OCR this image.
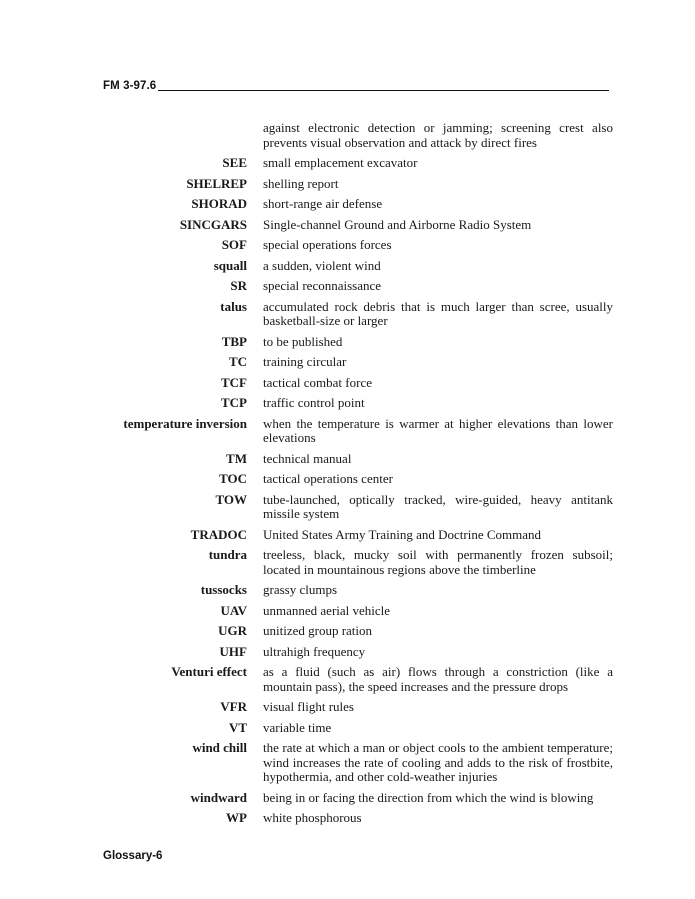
FM 3-97.6
against electronic detection or jamming; screening crest also prevents visual observation and attack by direct fires
SEE small emplacement excavator
SHELREP shelling report
SHORAD short-range air defense
SINCGARS Single-channel Ground and Airborne Radio System
SOF special operations forces
squall a sudden, violent wind
SR special reconnaissance
talus accumulated rock debris that is much larger than scree, usually basketball-size or larger
TBP to be published
TC training circular
TCF tactical combat force
TCP traffic control point
temperature inversion when the temperature is warmer at higher elevations than lower elevations
TM technical manual
TOC tactical operations center
TOW tube-launched, optically tracked, wire-guided, heavy antitank missile system
TRADOC United States Army Training and Doctrine Command
tundra treeless, black, mucky soil with permanently frozen subsoil; located in mountainous regions above the timberline
tussocks grassy clumps
UAV unmanned aerial vehicle
UGR unitized group ration
UHF ultrahigh frequency
Venturi effect as a fluid (such as air) flows through a constriction (like a mountain pass), the speed increases and the pressure drops
VFR visual flight rules
VT variable time
wind chill the rate at which a man or object cools to the ambient temperature; wind increases the rate of cooling and adds to the risk of frostbite, hypothermia, and other cold-weather injuries
windward being in or facing the direction from which the wind is blowing
WP white phosphorous
Glossary-6
